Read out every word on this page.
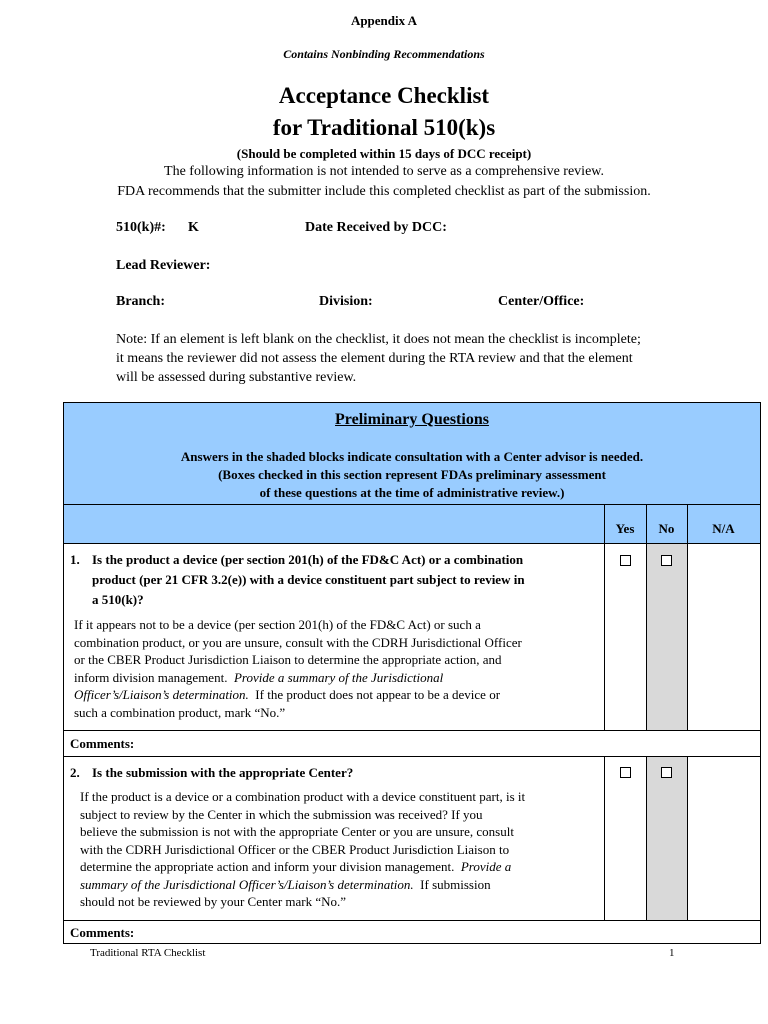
Appendix A
Contains Nonbinding Recommendations
Acceptance Checklist
for Traditional 510(k)s
(Should be completed within 15 days of DCC receipt)
The following information is not intended to serve as a comprehensive review.
FDA recommends that the submitter include this completed checklist as part of the submission.
510(k)#: K	Date Received by DCC:
Lead Reviewer:
Branch:	Division:	Center/Office:
Note: If an element is left blank on the checklist, it does not mean the checklist is incomplete;
it means the reviewer did not assess the element during the RTA review and that the element
will be assessed during substantive review.
Preliminary Questions
Answers in the shaded blocks indicate consultation with a Center advisor is needed.
(Boxes checked in this section represent FDAs preliminary assessment
of these questions at the time of administrative review.)
Yes	No	N/A
1. Is the product a device (per section 201(h) of the FD&C Act) or a combination
product (per 21 CFR 3.2(e)) with a device constituent part subject to review in
a 510(k)?
If it appears not to be a device (per section 201(h) of the FD&C Act) or such a
combination product, or you are unsure, consult with the CDRH Jurisdictional Officer
or the CBER Product Jurisdiction Liaison to determine the appropriate action, and
inform division management.  Provide a summary of the Jurisdictional
Officer’s/Liaison’s determination.  If the product does not appear to be a device or
such a combination product, mark “No.”
Comments:
2. Is the submission with the appropriate Center?
If the product is a device or a combination product with a device constituent part, is it
subject to review by the Center in which the submission was received? If you
believe the submission is not with the appropriate Center or you are unsure, consult
with the CDRH Jurisdictional Officer or the CBER Product Jurisdiction Liaison to
determine the appropriate action and inform your division management.  Provide a
summary of the Jurisdictional Officer’s/Liaison’s determination.  If submission
should not be reviewed by your Center mark “No.”
Comments:
Traditional RTA Checklist	1
